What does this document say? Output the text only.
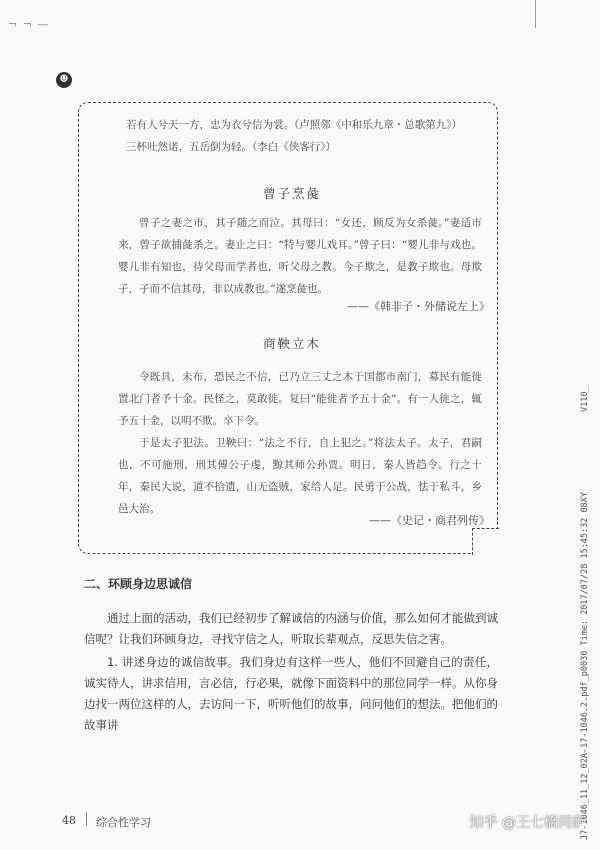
¬ ¬ —
☻
若有人兮天一方，忠为衣兮信为裳。（卢照邻《中和乐九章・总歌第九》）
三杯吐然诺，五岳倒为轻。（李白《侠客行》）
曾子烹彘
曾子之妻之市，其子随之而泣。其母曰：“女还，顾反为女杀彘。”妻适市来，曾子欲捕彘杀之。妻止之曰：“特与婴儿戏耳。”曾子曰：“婴儿非与戏也。婴儿非有知也，待父母而学者也，听父母之教。今子欺之，是教子欺也。母欺子，子而不信其母，非以成教也。”遂烹彘也。
——《韩非子・外储说左上》
商鞅立木
令既具，未布，恐民之不信，已乃立三丈之木于国都市南门，募民有能徙置北门者予十金。民怪之，莫敢徙。复曰“能徙者予五十金”。有一人徙之，辄予五十金，以明不欺。卒下令。
于是太子犯法。卫鞅曰：“法之不行，自上犯之。”将法太子。太子，君嗣也，不可施刑，刑其傅公子虔，黥其师公孙贾。明日，秦人皆趋令。行之十年，秦民大说，道不拾遗，山无盗贼，家给人足。民勇于公战，怯于私斗，乡邑大治。
——《史记・商君列传》
二、环顾身边思诚信
通过上面的活动，我们已经初步了解诚信的内涵与价值，那么如何才能做到诚信呢？让我们环顾身边，寻找守信之人，听取长辈观点，反思失信之害。
1. 讲述身边的诚信故事。我们身边有这样一些人，他们不回避自己的责任，诚实待人，讲求信用，言必信，行必果，就像下面资料中的那位同学一样。从你身边找一两位这样的人，去访问一下，听听他们的故事，问问他们的想法。把他们的故事讲
48 综合性学习
V110_
J7-1046_11_12_02A-17-1046.2.pdf_p0030 Time: 2017/07/28 15:45:32 08XY
知乎 @王七橋同萨
